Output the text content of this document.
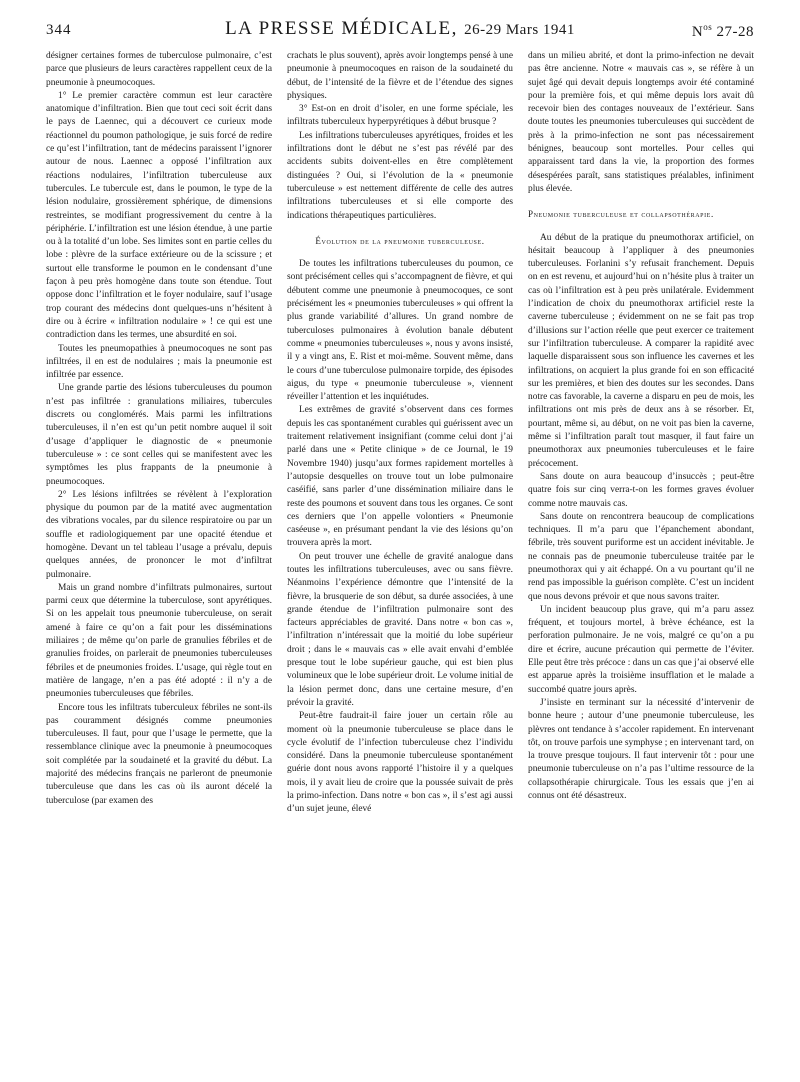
344	LA PRESSE MÉDICALE, 26-29 Mars 1941	$N^{os}$ 27-28

désigner certaines formes de tuberculose pulmonaire, c’est parce que plusieurs de leurs caractères rappellent ceux de la pneumonie à pneumocoques.

1° Le premier caractère commun est leur caractère anatomique d’infiltration. Bien que tout ceci soit écrit dans le pays de Laennec, qui a découvert ce curieux mode réactionnel du poumon pathologique, je suis forcé de redire ce qu’est l’infiltration, tant de médecins paraissent l’ignorer autour de nous. Laennec a opposé l’infiltration aux réactions nodulaires, l’infiltration tuberculeuse aux tubercules. Le tubercule est, dans le poumon, le type de la lésion nodulaire, grossièrement sphérique, de dimensions restreintes, se modifiant progressivement du centre à la périphérie. L’infiltration est une lésion étendue, à une partie ou à la totalité d’un lobe. Ses limites sont en partie celles du lobe : plèvre de la surface extérieure ou de la scissure ; et surtout elle transforme le poumon en le condensant d’une façon à peu près homogène dans toute son étendue. Tout oppose donc l’infiltration et le foyer nodulaire, sauf l’usage trop courant des médecins dont quelques-uns n’hésitent à dire ou à écrire « infiltration nodulaire » ! ce qui est une contradiction dans les termes, une absurdité en soi.

Toutes les pneumopathies à pneumocoques ne sont pas infiltrées, il en est de nodulaires ; mais la pneumonie est infiltrée par essence.

Une grande partie des lésions tuberculeuses du poumon n’est pas infiltrée : granulations miliaires, tubercules discrets ou conglomérés. Mais parmi les infiltrations tuberculeuses, il n’en est qu’un petit nombre auquel il soit d’usage d’appliquer le diagnostic de « pneumonie tuberculeuse » : ce sont celles qui se manifestent avec les symptômes les plus frappants de la pneumonie à pneumocoques.

2° Les lésions infiltrées se révèlent à l’exploration physique du poumon par de la matité avec augmentation des vibrations vocales, par du silence respiratoire ou par un souffle et radiologiquement par une opacité étendue et homogène. Devant un tel tableau l’usage a prévalu, depuis quelques années, de prononcer le mot d’infiltrat pulmonaire.

Mais un grand nombre d’infiltrats pulmonaires, surtout parmi ceux que détermine la tuberculose, sont apyrétiques. Si on les appelait tous pneumonie tuberculeuse, on serait amené à faire ce qu’on a fait pour les disséminations miliaires ; de même qu’on parle de granulies fébriles et de granulies froides, on parlerait de pneumonies tuberculeuses fébriles et de pneumonies froides. L’usage, qui règle tout en matière de langage, n’en a pas été adopté : il n’y a de pneumonies tuberculeuses que fébriles.

Encore tous les infiltrats tuberculeux fébriles ne sont-ils pas couramment désignés comme pneumonies tuberculeuses. Il faut, pour que l’usage le permette, que la ressemblance clinique avec la pneumonie à pneumocoques soit complétée par la soudaineté et la gravité du début. La majorité des médecins français ne parleront de pneumonie tuberculeuse que dans les cas où ils auront décelé la tuberculose (par examen des

crachats le plus souvent), après avoir longtemps pensé à une pneumonie à pneumocoques en raison de la soudaineté du début, de l’intensité de la fièvre et de l’étendue des signes physiques.

3° Est-on en droit d’isoler, en une forme spéciale, les infiltrats tuberculeux hyperpyrétiques à début brusque ?

Les infiltrations tuberculeuses apyrétiques, froides et les infiltrations dont le début ne s’est pas révélé par des accidents subits doivent-elles en être complètement distinguées ? Oui, si l’évolution de la « pneumonie tuberculeuse » est nettement différente de celle des autres infiltrations tuberculeuses et si elle comporte des indications thérapeutiques particulières.

Évolution de la pneumonie tuberculeuse.

De toutes les infiltrations tuberculeuses du poumon, ce sont précisément celles qui s’accompagnent de fièvre, et qui débutent comme une pneumonie à pneumocoques, ce sont précisément les « pneumonies tuberculeuses » qui offrent la plus grande variabilité d’allures. Un grand nombre de tuberculoses pulmonaires à évolution banale débutent comme « pneumonies tuberculeuses », nous y avons insisté, il y a vingt ans, E. Rist et moi-même. Souvent même, dans le cours d’une tuberculose pulmonaire torpide, des épisodes aigus, du type « pneumonie tuberculeuse », viennent réveiller l’attention et les inquiétudes.

Les extrêmes de gravité s’observent dans ces formes depuis les cas spontanément curables qui guérissent avec un traitement relativement insignifiant (comme celui dont j’ai parlé dans une « Petite clinique » de ce Journal, le 19 Novembre 1940) jusqu’aux formes rapidement mortelles à l’autopsie desquelles on trouve tout un lobe pulmonaire caséifié, sans parler d’une dissémination miliaire dans le reste des poumons et souvent dans tous les organes. Ce sont ces derniers que l’on appelle volontiers « Pneumonie caséeuse », en présumant pendant la vie des lésions qu’on trouvera après la mort.

On peut trouver une échelle de gravité analogue dans toutes les infiltrations tuberculeuses, avec ou sans fièvre. Néanmoins l’expérience démontre que l’intensité de la fièvre, la brusquerie de son début, sa durée associées, à une grande étendue de l’infiltration pulmonaire sont des facteurs appréciables de gravité. Dans notre « bon cas », l’infiltration n’intéressait que la moitié du lobe supérieur droit ; dans le « mauvais cas » elle avait envahi d’emblée presque tout le lobe supérieur gauche, qui est bien plus volumineux que le lobe supérieur droit. Le volume initial de la lésion permet donc, dans une certaine mesure, d’en prévoir la gravité.

Peut-être faudrait-il faire jouer un certain rôle au moment où la pneumonie tuberculeuse se place dans le cycle évolutif de l’infection tuberculeuse chez l’individu considéré. Dans la pneumonie tuberculeuse spontanément guérie dont nous avons rapporté l’histoire il y a quelques mois, il y avait lieu de croire que la poussée suivait de près la primo-infection. Dans notre « bon cas », il s’est agi aussi d’un sujet jeune, élevé

dans un milieu abrité, et dont la primo-infection ne devait pas être ancienne. Notre « mauvais cas », se réfère à un sujet âgé qui devait depuis longtemps avoir été contaminé pour la première fois, et qui même depuis lors avait dû recevoir bien des contages nouveaux de l’extérieur. Sans doute toutes les pneumonies tuberculeuses qui succèdent de près à la primo-infection ne sont pas nécessairement bénignes, beaucoup sont mortelles. Pour celles qui apparaissent tard dans la vie, la proportion des formes désespérées paraît, sans statistiques préalables, infiniment plus élevée.

Pneumonie tuberculeuse et collapsothérapie.

Au début de la pratique du pneumothorax artificiel, on hésitait beaucoup à l’appliquer à des pneumonies tuberculeuses. Forlanini s’y refusait franchement. Depuis on en est revenu, et aujourd’hui on n’hésite plus à traiter un cas où l’infiltration est à peu près unilatérale. Evidemment l’indication de choix du pneumothorax artificiel reste la caverne tuberculeuse ; évidemment on ne se fait pas trop d’illusions sur l’action réelle que peut exercer ce traitement sur l’infiltration tuberculeuse. A comparer la rapidité avec laquelle disparaissent sous son influence les cavernes et les infiltrations, on acquiert la plus grande foi en son efficacité sur les premières, et bien des doutes sur les secondes. Dans notre cas favorable, la caverne a disparu en peu de mois, les infiltrations ont mis près de deux ans à se résorber. Et, pourtant, même si, au début, on ne voit pas bien la caverne, même si l’infiltration paraît tout masquer, il faut faire un pneumothorax aux pneumonies tuberculeuses et le faire précocement.

Sans doute on aura beaucoup d’insuccès ; peut-être quatre fois sur cinq verra-t-on les formes graves évoluer comme notre mauvais cas.

Sans doute on rencontrera beaucoup de complications techniques. Il m’a paru que l’épanchement abondant, fébrile, très souvent puriforme est un accident inévitable. Je ne connais pas de pneumonie tuberculeuse traitée par le pneumothorax qui y ait échappé. On a vu pourtant qu’il ne rend pas impossible la guérison complète. C’est un incident que nous devons prévoir et que nous savons traiter.

Un incident beaucoup plus grave, qui m’a paru assez fréquent, et toujours mortel, à brève échéance, est la perforation pulmonaire. Je ne vois, malgré ce qu’on a pu dire et écrire, aucune précaution qui permette de l’éviter. Elle peut être très précoce : dans un cas que j’ai observé elle est apparue après la troisième insufflation et le malade a succombé quatre jours après.

J’insiste en terminant sur la nécessité d’intervenir de bonne heure ; autour d’une pneumonie tuberculeuse, les plèvres ont tendance à s’accoler rapidement. En intervenant tôt, on trouve parfois une symphyse ; en intervenant tard, on la trouve presque toujours. Il faut intervenir tôt : pour une pneumonie tuberculeuse on n’a pas l’ultime ressource de la collapsothérapie chirurgicale. Tous les essais que j’en ai connus ont été désastreux.
